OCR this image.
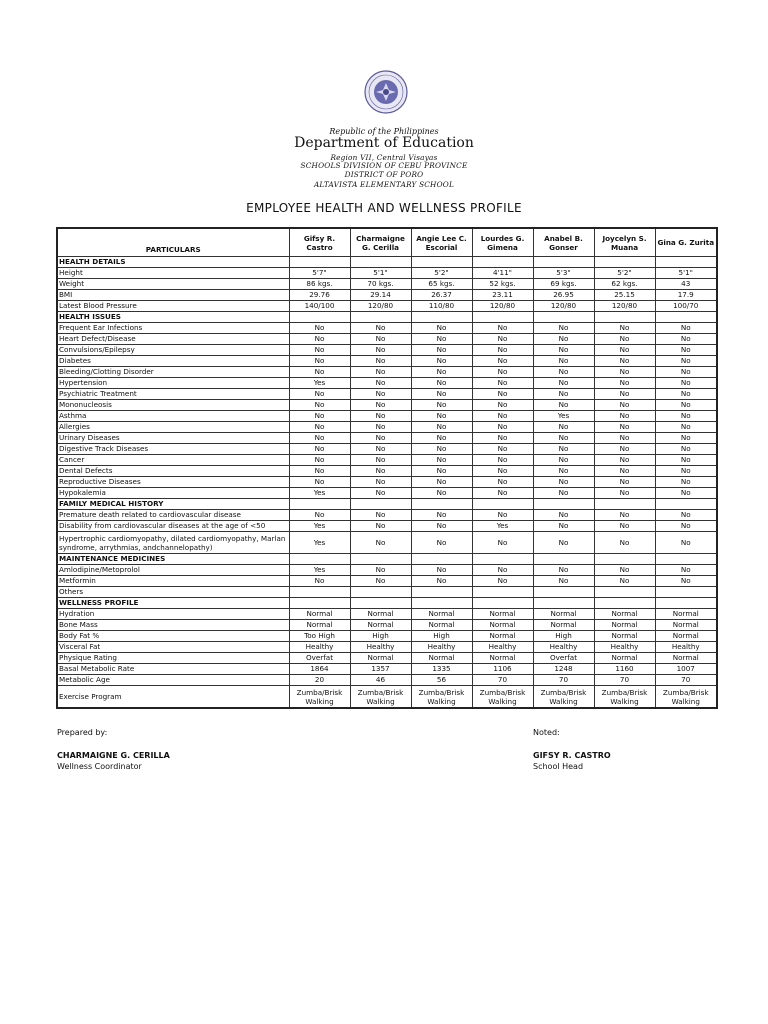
Republic of the Philippines
Department of Education
Region VII, Central Visayas
SCHOOLS DIVISION OF CEBU PROVINCE
DISTRICT OF PORO
ALTAVISTA ELEMENTARY SCHOOL
EMPLOYEE HEALTH AND WELLNESS PROFILE
PARTICULARS	Gifsy R. Castro	Charmaigne G. Cerilla	Angie Lee C. Escorial	Lourdes G. Gimena	Anabel B. Gonser	Joycelyn S. Muana	Gina G. Zurita
HEALTH DETAILS							
Height	5'7"	5'1"	5'2"	4'11"	5'3"	5'2"	5'1"
Weight	86 kgs.	70 kgs.	65 kgs.	52 kgs.	69 kgs.	62 kgs.	43
BMI	29.76	29.14	26.37	23.11	26.95	25.15	17.9
Latest Blood Pressure	140/100	120/80	110/80	120/80	120/80	120/80	100/70
HEALTH ISSUES							
Frequent Ear Infections	No	No	No	No	No	No	No
Heart Defect/Disease	No	No	No	No	No	No	No
Convulsions/Epilepsy	No	No	No	No	No	No	No
Diabetes	No	No	No	No	No	No	No
Bleeding/Clotting Disorder	No	No	No	No	No	No	No
Hypertension	Yes	No	No	No	No	No	No
Psychiatric Treatment	No	No	No	No	No	No	No
Mononucleosis	No	No	No	No	No	No	No
Asthma	No	No	No	No	Yes	No	No
Allergies	No	No	No	No	No	No	No
Urinary Diseases	No	No	No	No	No	No	No
Digestive Track Diseases	No	No	No	No	No	No	No
Cancer	No	No	No	No	No	No	No
Dental Defects	No	No	No	No	No	No	No
Reproductive Diseases	No	No	No	No	No	No	No
Hypokalemia	Yes	No	No	No	No	No	No
FAMILY MEDICAL HISTORY							
Premature death related to cardiovascular disease	No	No	No	No	No	No	No
Disability from cardiovascular diseases at the age of <50	Yes	No	No	Yes	No	No	No
Hypertrophic cardiomyopathy, dilated cardiomyopathy, Marlan syndrome, arrythmias, andchannelopathy)	Yes	No	No	No	No	No	No
MAINTENANCE MEDICINES							
Amlodipine/Metoprolol	Yes	No	No	No	No	No	No
Metformin	No	No	No	No	No	No	No
Others							
WELLNESS PROFILE							
Hydration	Normal	Normal	Normal	Normal	Normal	Normal	Normal
Bone Mass	Normal	Normal	Normal	Normal	Normal	Normal	Normal
Body Fat %	Too High	High	High	Normal	High	Normal	Normal
Visceral Fat	Healthy	Healthy	Healthy	Healthy	Healthy	Healthy	Healthy
Physique Rating	Overfat	Normal	Normal	Normal	Overfat	Normal	Normal
Basal Metabolic Rate	1864	1357	1335	1106	1248	1160	1007
Metabolic Age	20	46	56	70	70	70	70
Exercise Program	Zumba/Brisk Walking	Zumba/Brisk Walking	Zumba/Brisk Walking	Zumba/Brisk Walking	Zumba/Brisk Walking	Zumba/Brisk Walking	Zumba/Brisk Walking
Prepared by:
CHARMAIGNE G. CERILLA
Wellness Coordinator
Noted:
GIFSY R. CASTRO
School Head
